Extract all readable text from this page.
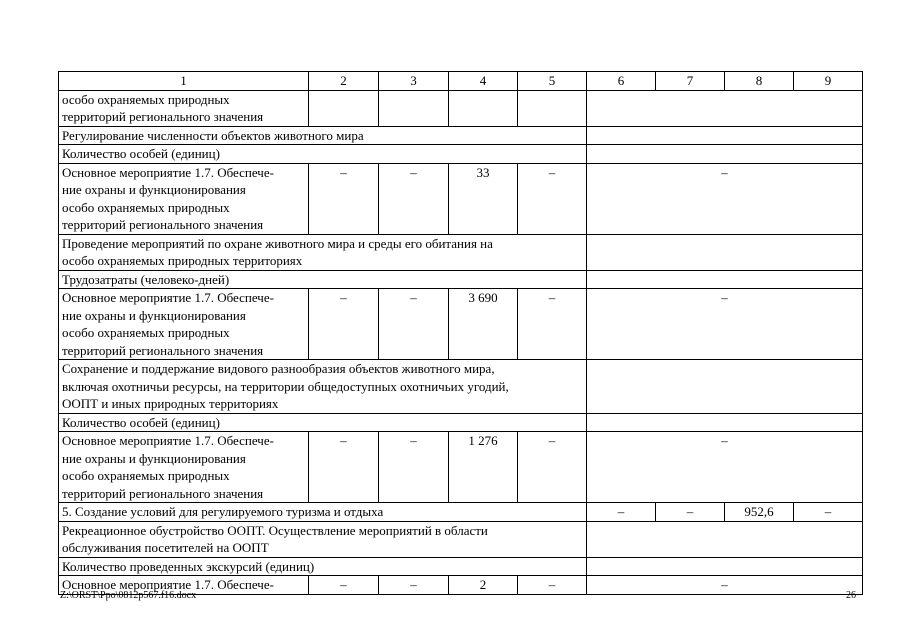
1	2	3	4	5	6	7	8	9
особо охраняемых природных
территорий регионального значения								
Регулирование численности объектов животного мира								
Количество особей (единиц)								
Основное мероприятие 1.7. Обеспече-
ние охраны и функционирования
особо охраняемых природных
территорий регионального значения	–	–	33	–	–			
Проведение мероприятий по охране животного мира и среды его обитания на
особо охраняемых природных территориях								
Трудозатраты (человеко-дней)								
Основное мероприятие 1.7. Обеспече-
ние охраны и функционирования
особо охраняемых природных
территорий регионального значения	–	–	3 690	–	–			
Сохранение и поддержание видового разнообразия объектов животного мира,
включая охотничьи ресурсы, на территории общедоступных охотничьих угодий,
ООПТ и иных природных территориях								
Количество особей (единиц)								
Основное мероприятие 1.7. Обеспече-
ние охраны и функционирования
особо охраняемых природных
территорий регионального значения	–	–	1 276	–	–			
5. Создание условий для регулируемого туризма и отдыха					–	–	952,6	–
Рекреационное обустройство ООПТ. Осуществление мероприятий в области
обслуживания посетителей на ООПТ								
Количество проведенных экскурсий (единиц)								
Основное мероприятие 1.7. Обеспече-	–	–	2	–	–			
Z:\ORST\Ppo\0812p567.f16.docx	26
